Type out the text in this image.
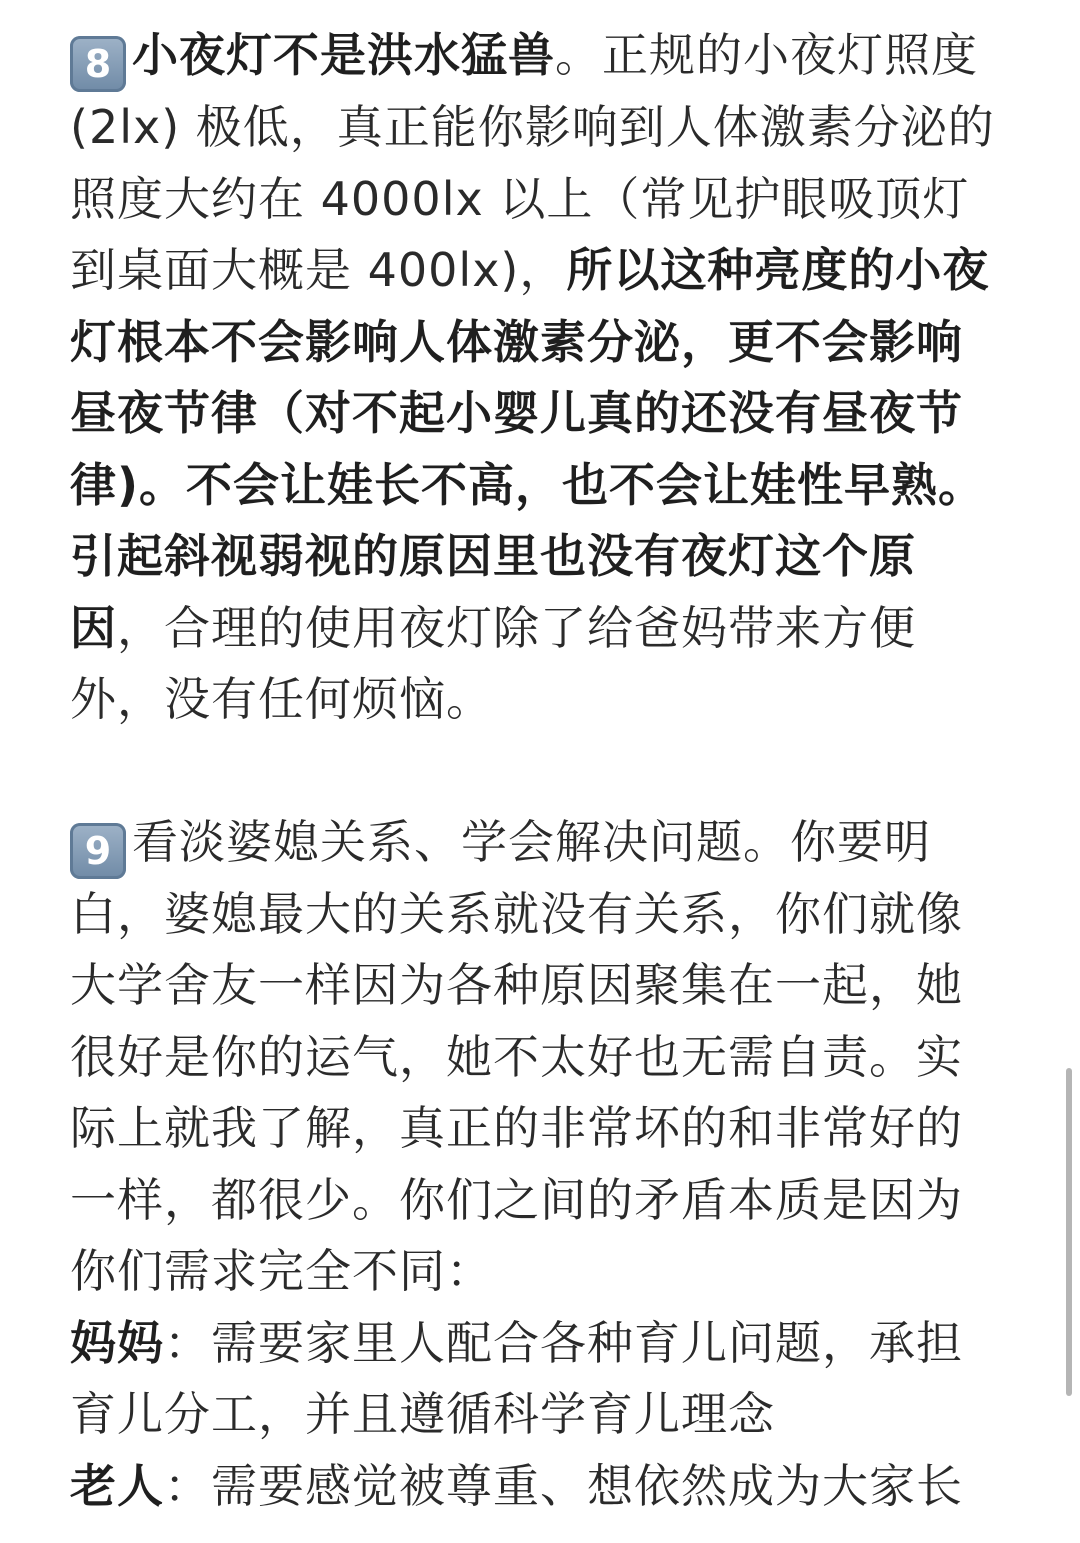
8 小夜灯不是洪水猛兽。正规的小夜灯照度(2lx) 极低，真正能你影响到人体激素分泌的照度大约在 4000lx 以上（常见护眼吸顶灯到桌面大概是 400lx)，所以这种亮度的小夜灯根本不会影响人体激素分泌，更不会影响昼夜节律（对不起小婴儿真的还没有昼夜节律)。不会让娃长不高，也不会让娃性早熟。引起斜视弱视的原因里也没有夜灯这个原因，合理的使用夜灯除了给爸妈带来方便外，没有任何烦恼。

9 看淡婆媳关系、学会解决问题。你要明白，婆媳最大的关系就没有关系，你们就像大学舍友一样因为各种原因聚集在一起，她很好是你的运气，她不太好也无需自责。实际上就我了解，真正的非常坏的和非常好的一样，都很少。你们之间的矛盾本质是因为你们需求完全不同：

妈妈：需要家里人配合各种育儿问题，承担育儿分工，并且遵循科学育儿理念

老人：需要感觉被尊重、想依然成为大家长
